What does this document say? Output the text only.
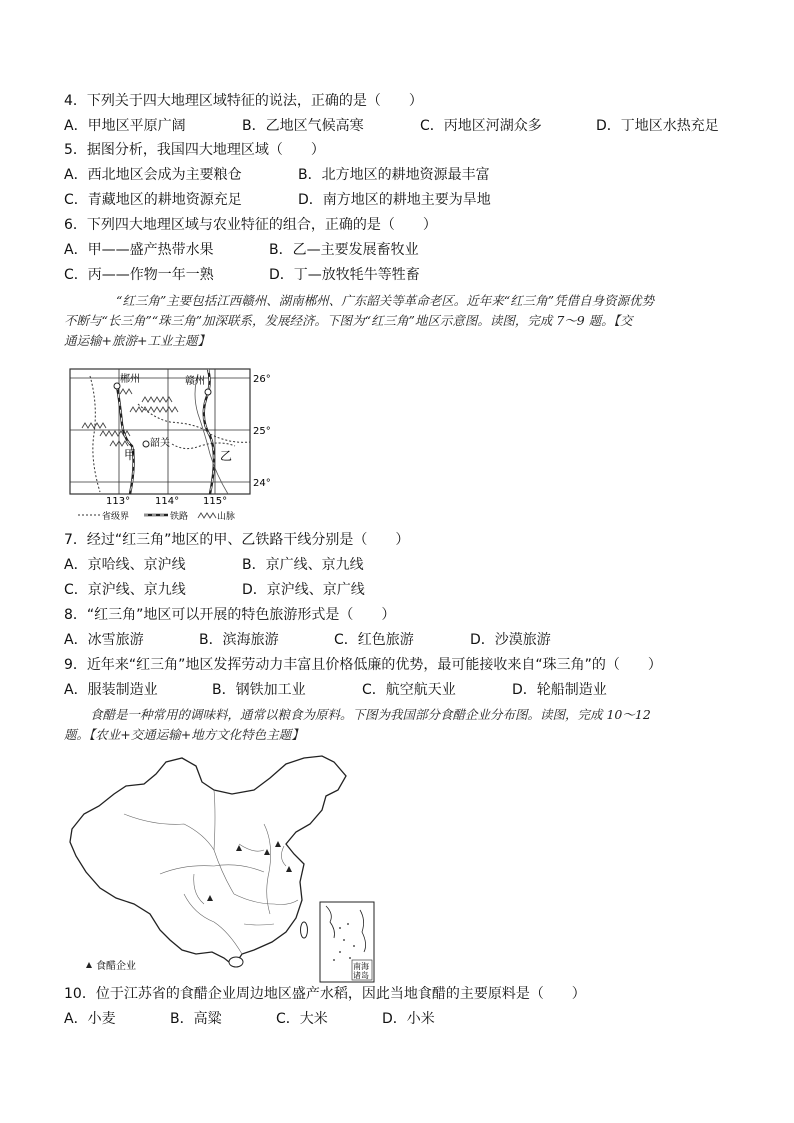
4．下列关于四大地理区域特征的说法，正确的是（　　）
A．甲地区平原广阔	B．乙地区气候高寒	C．丙地区河湖众多	D．丁地区水热充足
5．据图分析，我国四大地理区域（　　）
A．西北地区会成为主要粮仓	B．北方地区的耕地资源最丰富
C．青藏地区的耕地资源充足	D．南方地区的耕地主要为旱地
6．下列四大地理区域与农业特征的组合，正确的是（　　）
A．甲——盛产热带水果	B．乙—主要发展畜牧业
C．丙——作物一年一熟	D．丁—放牧牦牛等牲畜
“红三角”主要包括江西赣州、湖南郴州、广东韶关等革命老区。近年来“红三角”凭借自身资源优势
不断与“长三角”“珠三角”加深联系，发展经济。下图为“红三角”地区示意图。读图，完成 7～9 题。【交
通运输+旅游+工业主题】
郴州	赣州
韶关
甲	乙
26°
25°
24°
113° 114° 115°
省级界	铁路	山脉
7．经过“红三角”地区的甲、乙铁路干线分别是（　　）
A．京哈线、京沪线	B．京广线、京九线
C．京沪线、京九线	D．京沪线、京广线
8．“红三角”地区可以开展的特色旅游形式是（　　）
A．冰雪旅游	B．滨海旅游	C．红色旅游	D．沙漠旅游
9．近年来“红三角”地区发挥劳动力丰富且价格低廉的优势，最可能接收来自“珠三角”的（　　）
A．服装制造业	B．钢铁加工业	C．航空航天业	D．轮船制造业
食醋是一种常用的调味料，通常以粮食为原料。下图为我国部分食醋企业分布图。读图，完成 10～12
题。【农业+交通运输+地方文化特色主题】
食醋企业	南海
诸岛
10．位于江苏省的食醋企业周边地区盛产水稻，因此当地食醋的主要原料是（　　）
A．小麦	B．高粱	C．大米	D．小米
